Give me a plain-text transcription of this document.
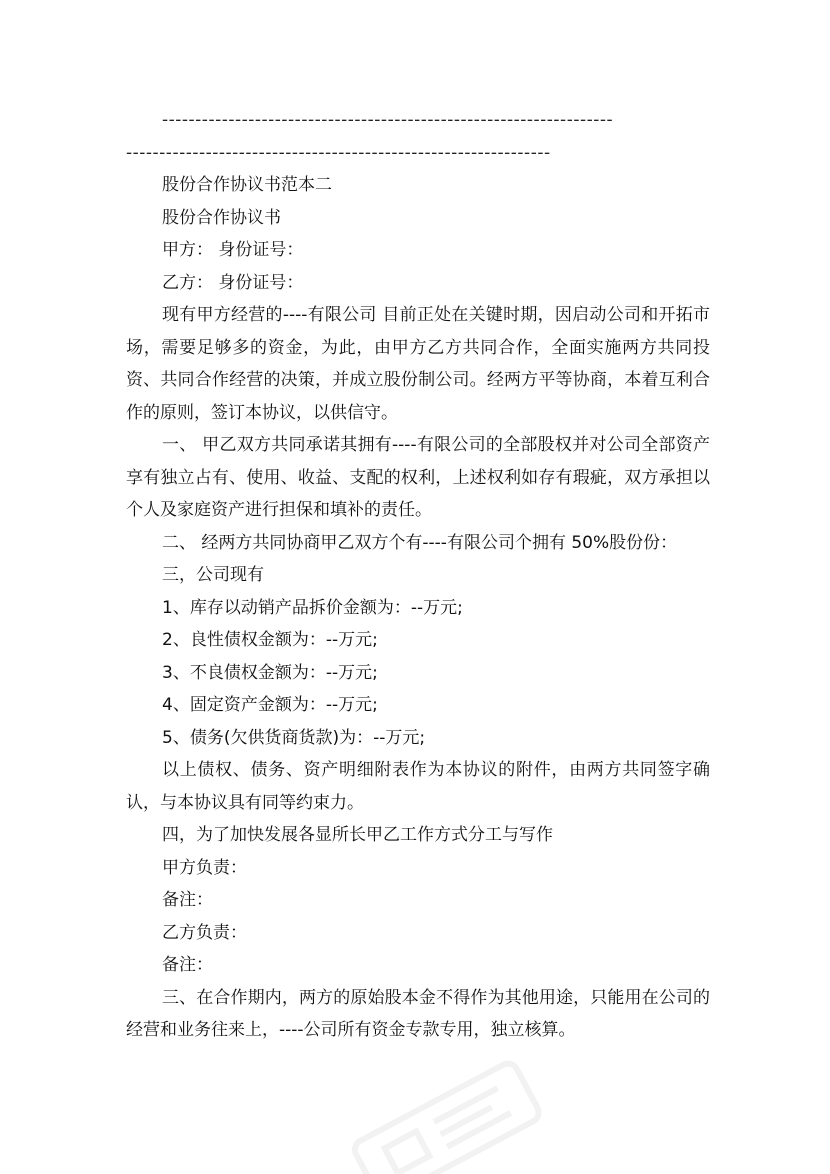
--------------------------------------------------------------------
----------------------------------------------------------------
股份合作协议书范本二
股份合作协议书
甲方： 身份证号：
乙方： 身份证号：
现有甲方经营的----有限公司 目前正处在关键时期，因启动公司和开拓市场，需要足够多的资金，为此，由甲方乙方共同合作，全面实施两方共同投资、共同合作经营的决策，并成立股份制公司。经两方平等协商，本着互利合作的原则，签订本协议，以供信守。
一、 甲乙双方共同承诺其拥有----有限公司的全部股权并对公司全部资产享有独立占有、使用、收益、支配的权利，上述权利如存有瑕疵，双方承担以个人及家庭资产进行担保和填补的责任。
二、 经两方共同协商甲乙双方个有----有限公司个拥有 50%股份份：
三，公司现有
1、库存以动销产品拆价金额为：--万元;
2、良性债权金额为：--万元;
3、不良债权金额为：--万元;
4、固定资产金额为：--万元;
5、债务(欠供货商货款)为：--万元;
以上债权、债务、资产明细附表作为本协议的附件，由两方共同签字确认，与本协议具有同等约束力。
四，为了加快发展各显所长甲乙工作方式分工与写作
甲方负责：
备注：
乙方负责：
备注：
三、在合作期内，两方的原始股本金不得作为其他用途，只能用在公司的经营和业务往来上，----公司所有资金专款专用，独立核算。
